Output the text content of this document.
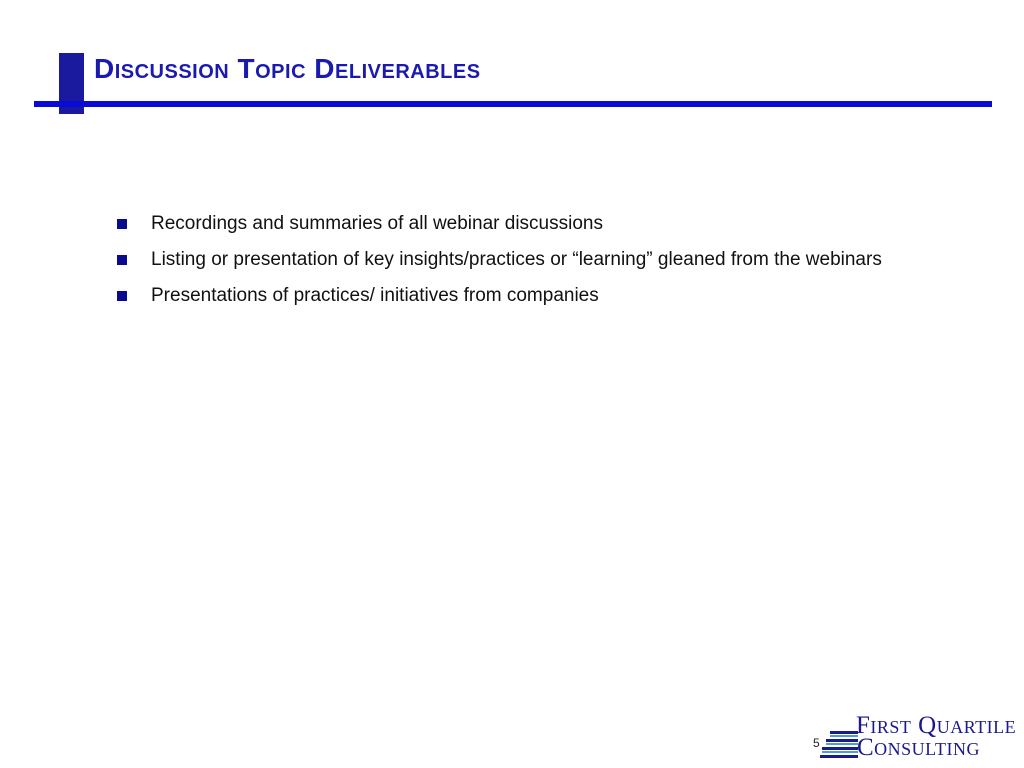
Discussion Topic Deliverables
Recordings and summaries of all webinar discussions
Listing or presentation of key insights/practices or “learning” gleaned from the webinars
Presentations of practices/ initiatives from companies
5
First Quartile
Consulting
